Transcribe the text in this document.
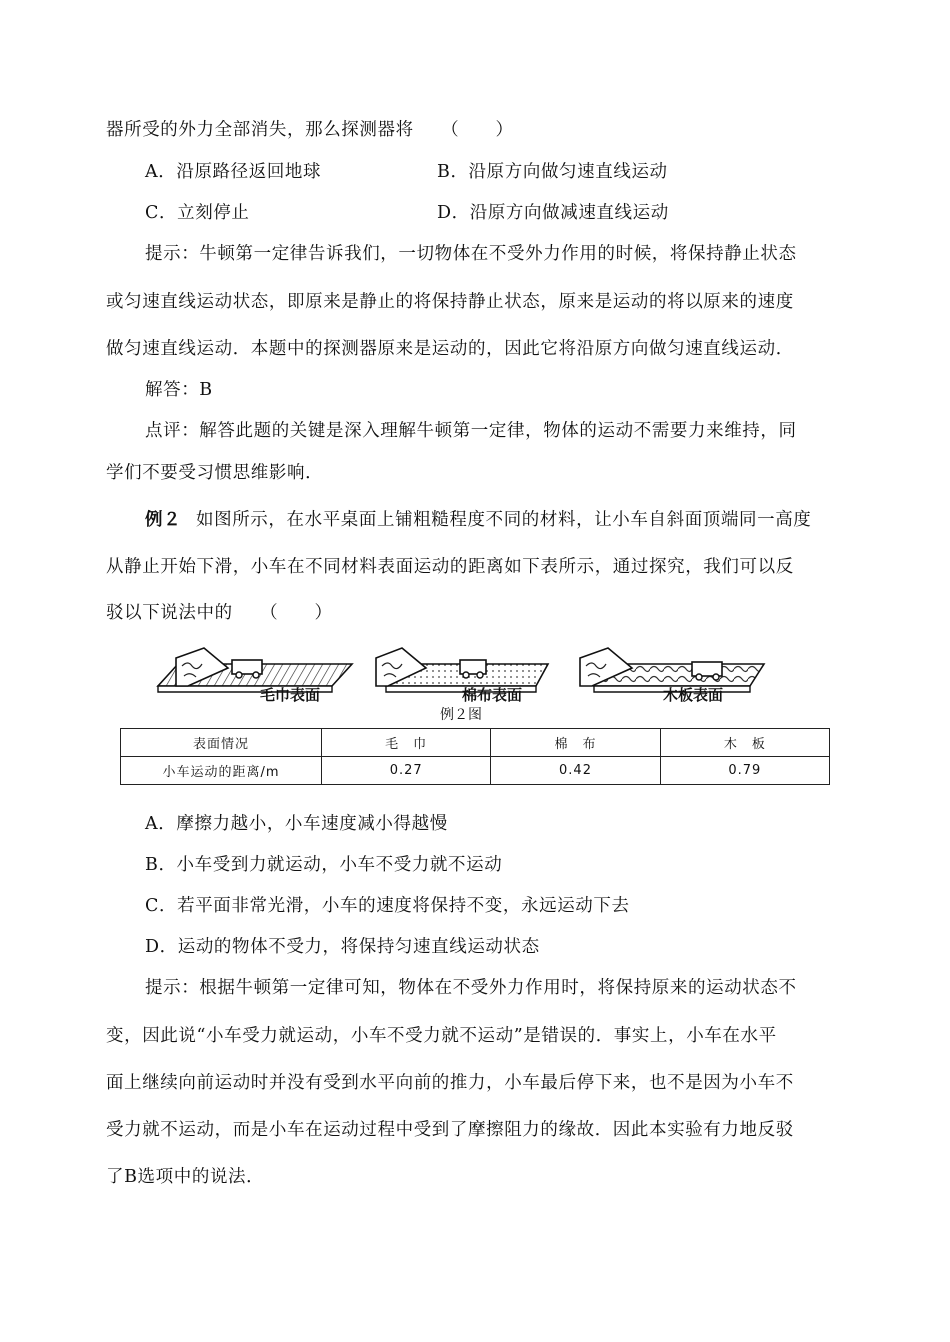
器所受的外力全部消失，那么探测器将　　（　　）
A．沿原路径返回地球	B．沿原方向做匀速直线运动
C．立刻停止	D．沿原方向做减速直线运动
提示：牛顿第一定律告诉我们，一切物体在不受外力作用的时候，将保持静止状态
或匀速直线运动状态，即原来是静止的将保持静止状态，原来是运动的将以原来的速度
做匀速直线运动．本题中的探测器原来是运动的，因此它将沿原方向做匀速直线运动．
解答：B
点评：解答此题的关键是深入理解牛顿第一定律，物体的运动不需要力来维持，同
学们不要受习惯思维影响．
例２ 如图所示，在水平桌面上铺粗糙程度不同的材料，让小车自斜面顶端同一高度
从静止开始下滑，小车在不同材料表面运动的距离如下表所示，通过探究，我们可以反
驳以下说法中的　　（　　）
毛巾表面	棉布表面	木板表面
例２图
表面情况	毛　巾	棉　布	木　板
小车运动的距离/m	0.27	0.42	0.79
A．摩擦力越小，小车速度减小得越慢
B．小车受到力就运动，小车不受力就不运动
C．若平面非常光滑，小车的速度将保持不变，永远运动下去
D．运动的物体不受力，将保持匀速直线运动状态
提示：根据牛顿第一定律可知，物体在不受外力作用时，将保持原来的运动状态不
变，因此说“小车受力就运动，小车不受力就不运动”是错误的．事实上，小车在水平
面上继续向前运动时并没有受到水平向前的推力，小车最后停下来，也不是因为小车不
受力就不运动，而是小车在运动过程中受到了摩擦阻力的缘故．因此本实验有力地反驳
了B选项中的说法．
